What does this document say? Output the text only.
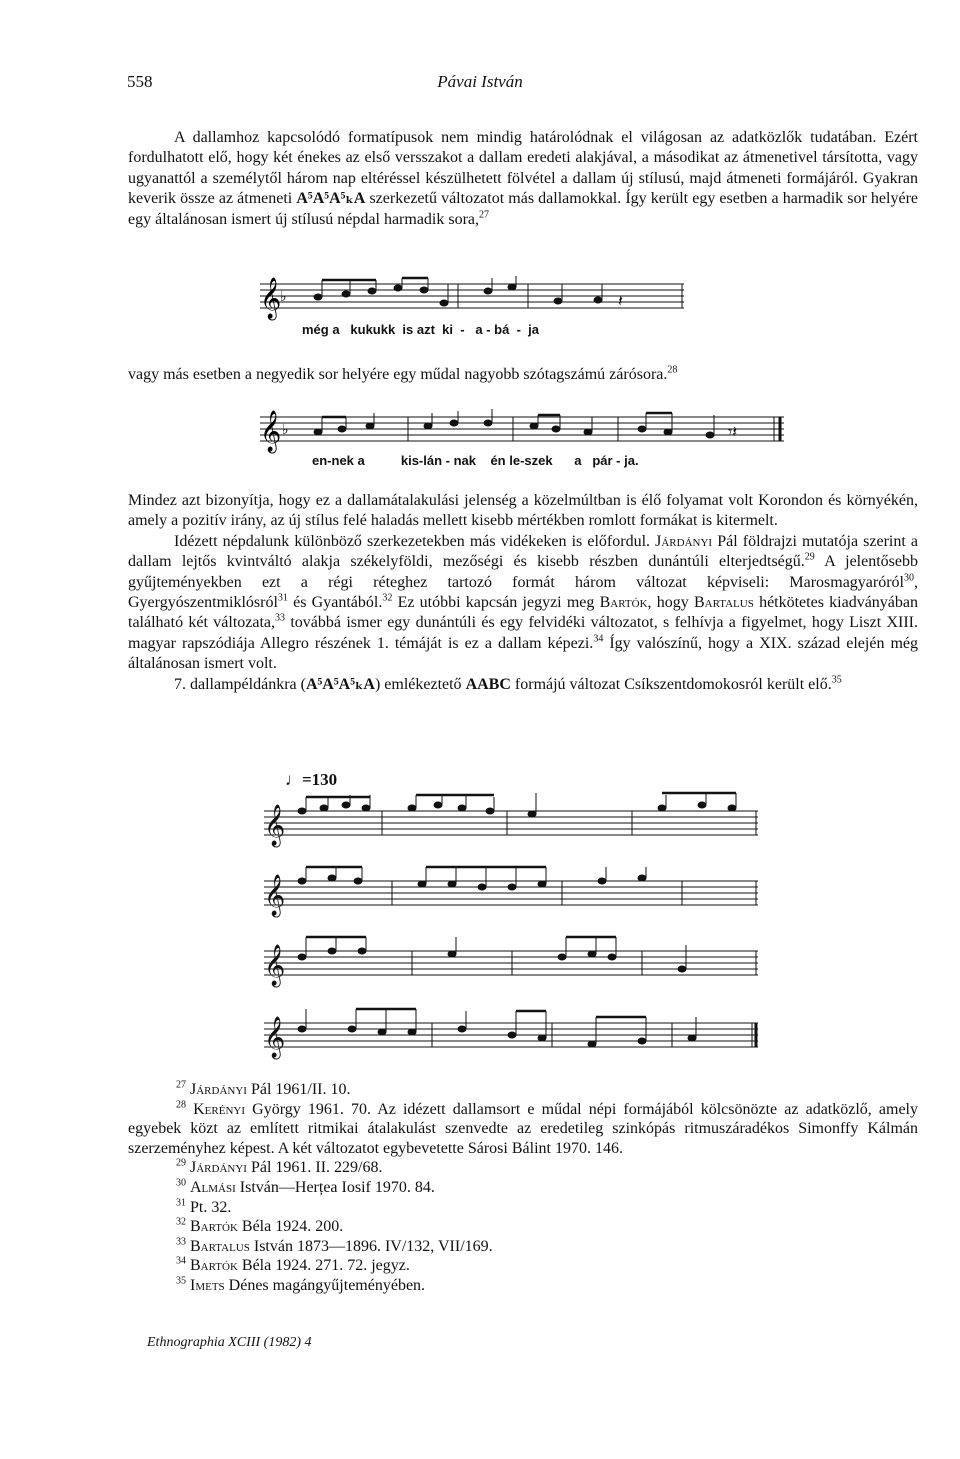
558	Pávai István

A dallamhoz kapcsolódó formatípusok nem mindig határolódnak el világosan az adatközlők tudatában. Ezért fordulhatott elő, hogy két énekes az első versszakot a dallam eredeti alakjával, a másodikat az átmenetivel társította, vagy ugyanattól a személytől három nap eltéréssel készülhetett fölvétel a dallam új stílusú, majd átmeneti formájáról. Gyakran keverik össze az átmeneti A⁵A⁵A⁵ₖA szerkezetű változatot más dallamokkal. Így került egy esetben a harmadik sor helyére egy általánosan ismert új stílusú népdal harmadik sora,$^{27}$

𝄞
♭	𝄽
még a   kukukk  is azt  ki  -   a - bá  -  ja

vagy más esetben a negyedik sor helyére egy műdal nagyobb szótagszámú zárósora.$^{28}$

𝄞 ♭	𝄾𝄽
en-nek a          kis-lán - nak    én le-szek      a   pár - ja.

Mindez azt bizonyítja, hogy ez a dallamátalakulási jelenség a közelmúltban is élő folyamat volt Korondon és környékén, amely a pozitív irány, az új stílus felé haladás mellett kisebb mértékben romlott formákat is kitermelt.

Idézett népdalunk különböző szerkezetekben más vidékeken is előfordul. Járdányi Pál földrajzi mutatója szerint a dallam lejtős kvintváltó alakja székelyföldi, mezőségi és kisebb részben dunántúli elterjedtségű.$^{29}$ A jelentősebb gyűjteményekben ezt a régi réteghez tartozó formát három változat képviseli: Marosmagyaróról$^{30}$, Gyergyószentmiklósról$^{31}$ és Gyantából.$^{32}$ Ez utóbbi kapcsán jegyzi meg Bartók, hogy Bartalus hétkötetes kiadványában található két változata,$^{33}$ továbbá ismer egy dunántúli és egy felvidéki változatot, s felhívja a figyelmet, hogy Liszt XIII. magyar rapszódiája Allegro részének 1. témáját is ez a dallam képezi.$^{34}$ Így valószínű, hogy a XIX. század elején még általánosan ismert volt.

7. dallampéldánkra (A⁵A⁵A⁵ₖA) emlékeztető AABC formájú változat Csíkszentdomokosról került elő.$^{35}$

♩=130
𝄞
𝄞
𝄞
𝄞
$^{27}$ Járdányi Pál 1961/II. 10.
$^{28}$ Kerényi György 1961. 70. Az idézett dallamsort e műdal népi formájából kölcsönözte az adatközlő, amely egyebek közt az említett ritmikai átalakulást szenvedte az eredetileg szinkópás ritmuszáradékos Simonffy Kálmán szerzeményhez képest. A két változatot egybevetette Sárosi Bálint 1970. 146.
$^{29}$ Járdányi Pál 1961. II. 229/68.
$^{30}$ Almási István—Herțea Iosif 1970. 84.
$^{31}$ Pt. 32.
$^{32}$ Bartók Béla 1924. 200.
$^{33}$ Bartalus István 1873—1896. IV/132, VII/169.
$^{34}$ Bartók Béla 1924. 271. 72. jegyz.
$^{35}$ Imets Dénes magángyűjteményében.
Ethnographia XCIII (1982) 4
